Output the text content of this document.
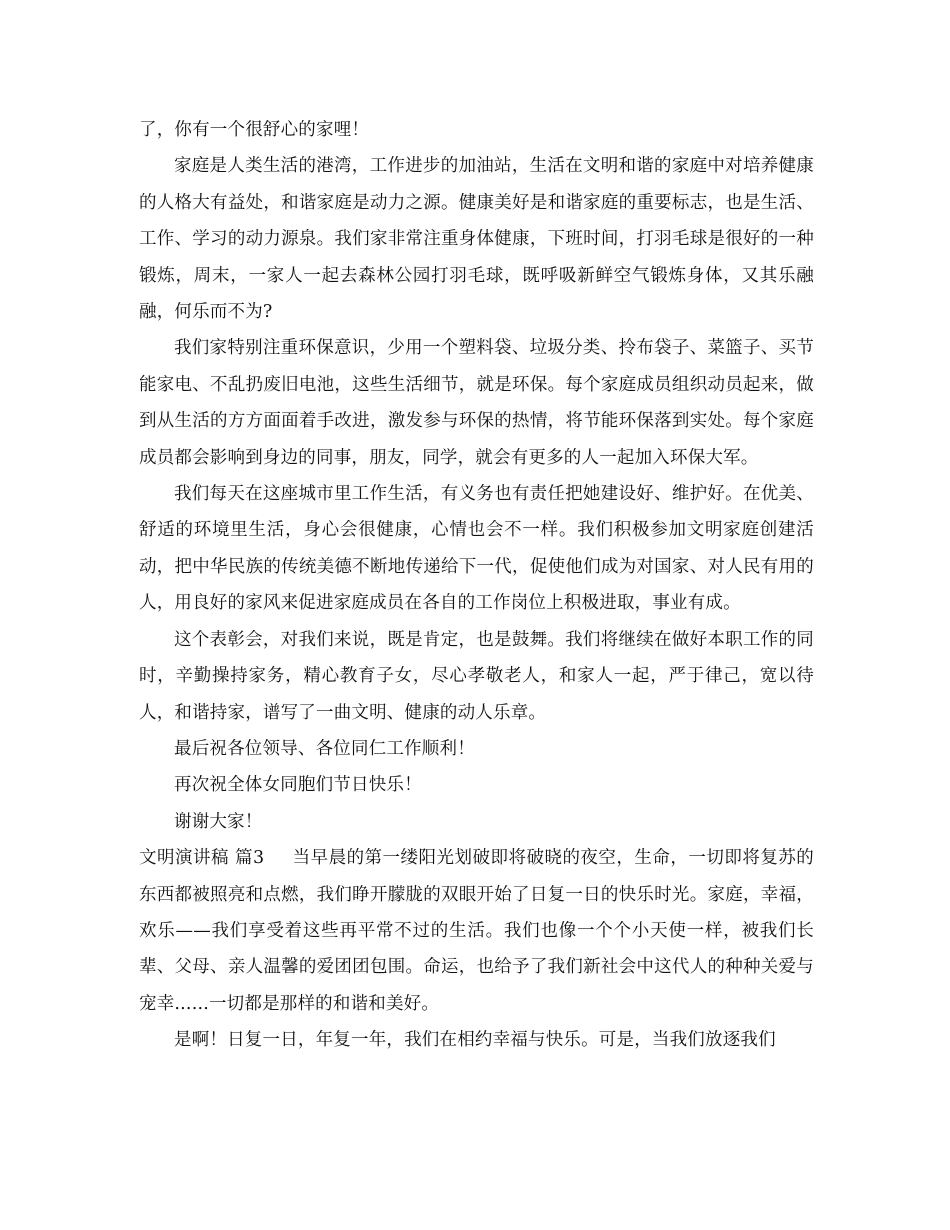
了，你有一个很舒心的家哩！

家庭是人类生活的港湾，工作进步的加油站，生活在文明和谐的家庭中对培养健康的人格大有益处，和谐家庭是动力之源。健康美好是和谐家庭的重要标志，也是生活、工作、学习的动力源泉。我们家非常注重身体健康，下班时间，打羽毛球是很好的一种锻炼，周末，一家人一起去森林公园打羽毛球，既呼吸新鲜空气锻炼身体，又其乐融融，何乐而不为?

我们家特别注重环保意识，少用一个塑料袋、垃圾分类、拎布袋子、菜篮子、买节能家电、不乱扔废旧电池，这些生活细节，就是环保。每个家庭成员组织动员起来，做到从生活的方方面面着手改进，激发参与环保的热情，将节能环保落到实处。每个家庭成员都会影响到身边的同事，朋友，同学，就会有更多的人一起加入环保大军。

我们每天在这座城市里工作生活，有义务也有责任把她建设好、维护好。在优美、舒适的环境里生活，身心会很健康，心情也会不一样。我们积极参加文明家庭创建活动，把中华民族的传统美德不断地传递给下一代，促使他们成为对国家、对人民有用的人，用良好的家风来促进家庭成员在各自的工作岗位上积极进取，事业有成。

这个表彰会，对我们来说，既是肯定，也是鼓舞。我们将继续在做好本职工作的同时，辛勤操持家务，精心教育子女，尽心孝敬老人，和家人一起，严于律己，宽以待人，和谐持家，谱写了一曲文明、健康的动人乐章。

最后祝各位领导、各位同仁工作顺利！

再次祝全体女同胞们节日快乐！

谢谢大家！

文明演讲稿 篇3 当早晨的第一缕阳光划破即将破晓的夜空，生命，一切即将复苏的东西都被照亮和点燃，我们睁开朦胧的双眼开始了日复一日的快乐时光。家庭，幸福，欢乐——我们享受着这些再平常不过的生活。我们也像一个个小天使一样，被我们长辈、父母、亲人温馨的爱团团包围。命运，也给予了我们新社会中这代人的种种关爱与宠幸......一切都是那样的和谐和美好。

是啊！日复一日，年复一年，我们在相约幸福与快乐。可是，当我们放逐我们
